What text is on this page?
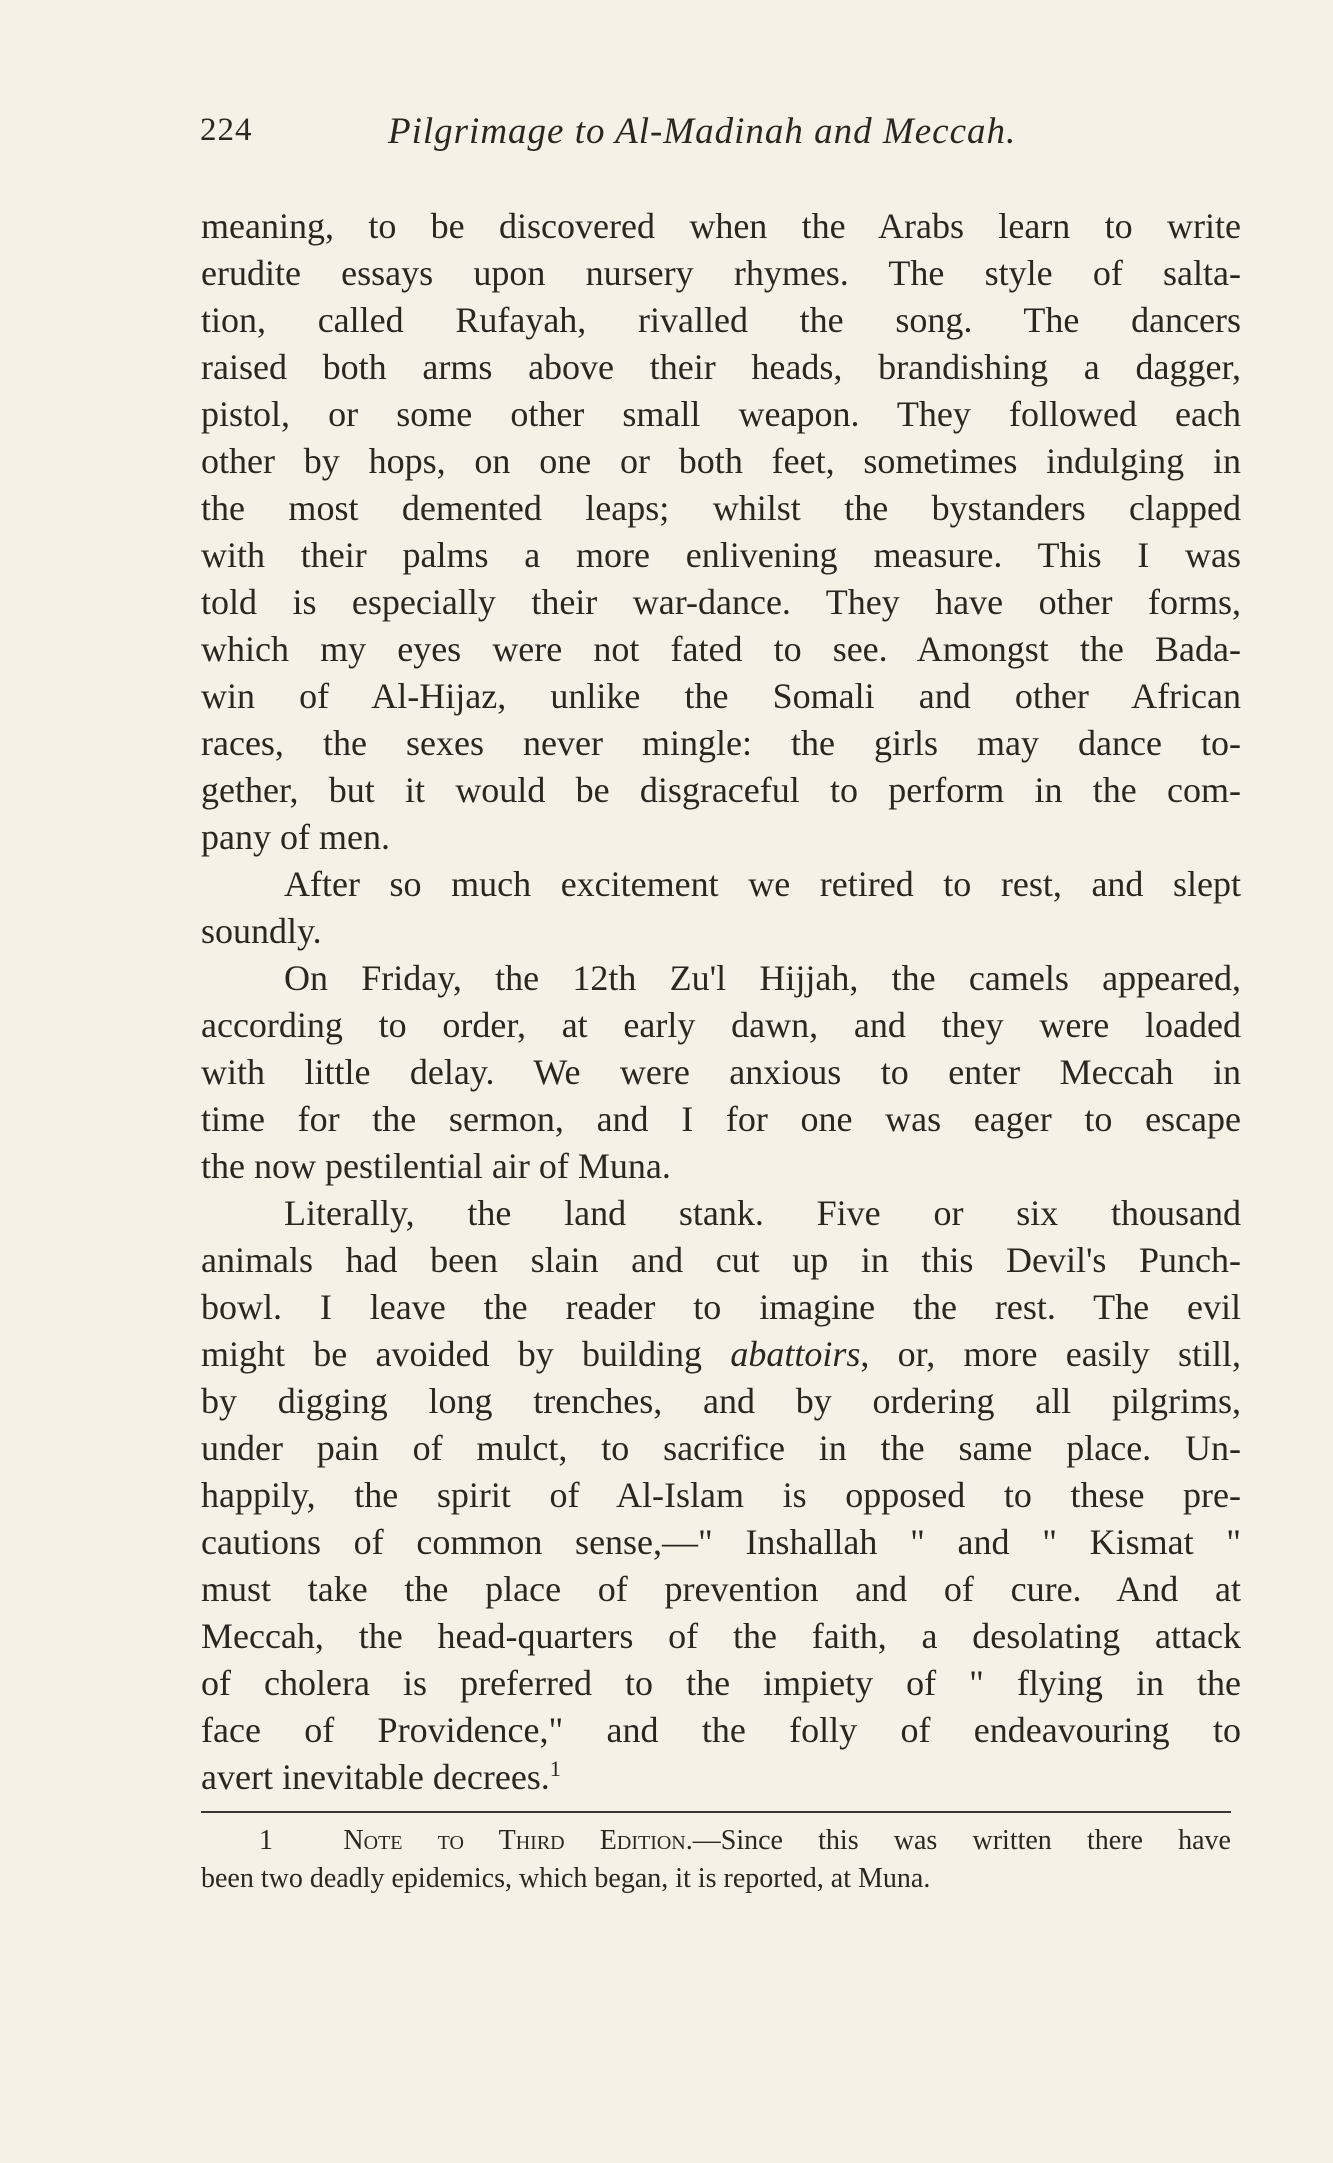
224	Pilgrimage to Al-Madinah and Meccah.
meaning, to be discovered when the Arabs learn to write
erudite essays upon nursery rhymes. The style of salta-
tion, called Rufayah, rivalled the song. The dancers
raised both arms above their heads, brandishing a dagger,
pistol, or some other small weapon. They followed each
other by hops, on one or both feet, sometimes indulging in
the most demented leaps; whilst the bystanders clapped
with their palms a more enlivening measure. This I was
told is especially their war-dance. They have other forms,
which my eyes were not fated to see. Amongst the Bada-
win of Al-Hijaz, unlike the Somali and other African
races, the sexes never mingle: the girls may dance to-
gether, but it would be disgraceful to perform in the com-
pany of men.
After so much excitement we retired to rest, and slept
soundly.
On Friday, the 12th Zu'l Hijjah, the camels appeared,
according to order, at early dawn, and they were loaded
with little delay. We were anxious to enter Meccah in
time for the sermon, and I for one was eager to escape
the now pestilential air of Muna.
Literally, the land stank. Five or six thousand
animals had been slain and cut up in this Devil's Punch-
bowl. I leave the reader to imagine the rest. The evil
might be avoided by building abattoirs, or, more easily still,
by digging long trenches, and by ordering all pilgrims,
under pain of mulct, to sacrifice in the same place. Un-
happily, the spirit of Al-Islam is opposed to these pre-
cautions of common sense,—" Inshallah " and " Kismat "
must take the place of prevention and of cure. And at
Meccah, the head-quarters of the faith, a desolating attack
of cholera is preferred to the impiety of " flying in the
face of Providence," and the folly of endeavouring to
avert inevitable decrees.$^1$
1	Note to Third Edition.—Since this was written there have
been two deadly epidemics, which began, it is reported, at Muna.
